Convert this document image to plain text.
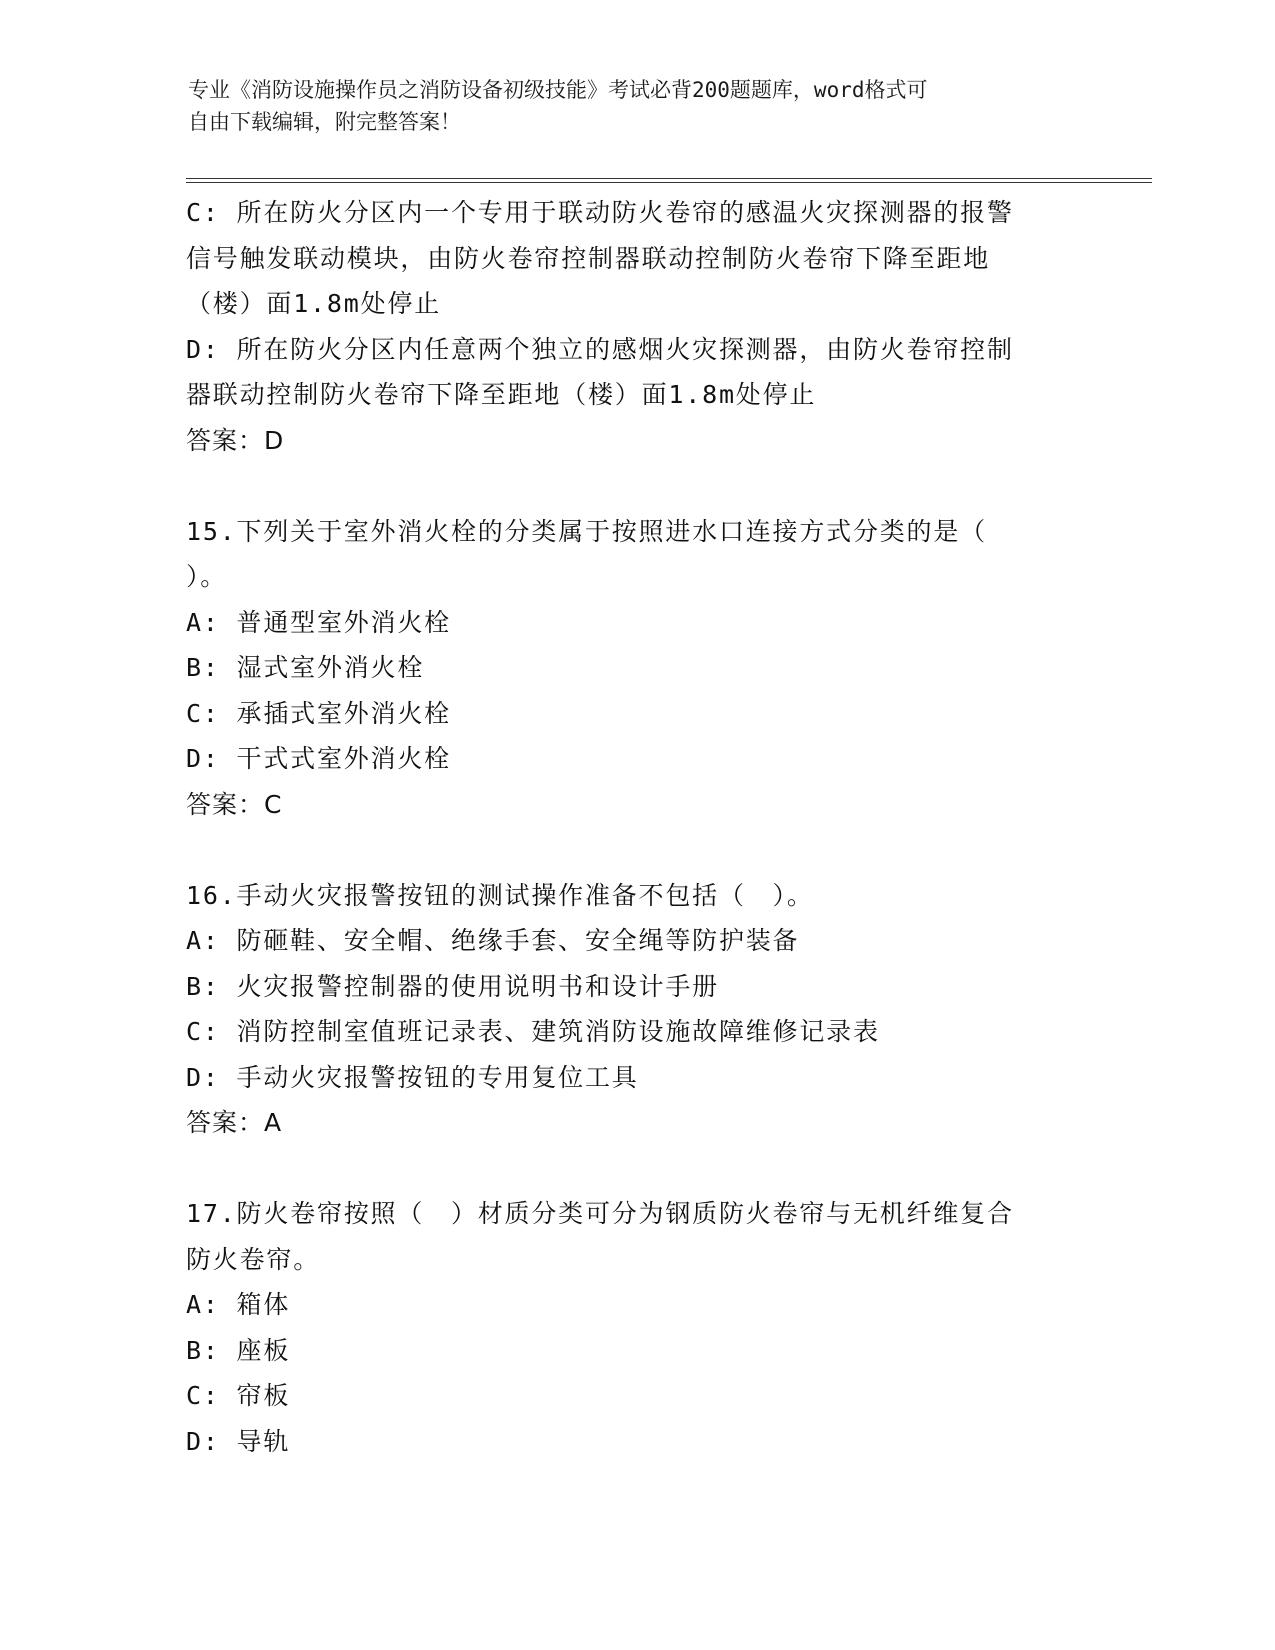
专业《消防设施操作员之消防设备初级技能》考试必背200题题库，word格式可
自由下载编辑，附完整答案！
C: 所在防火分区内一个专用于联动防火卷帘的感温火灾探测器的报警
信号触发联动模块，由防火卷帘控制器联动控制防火卷帘下降至距地
（楼）面1.8m处停止
D: 所在防火分区内任意两个独立的感烟火灾探测器，由防火卷帘控制
器联动控制防火卷帘下降至距地（楼）面1.8m处停止
答案：D
15.下列关于室外消火栓的分类属于按照进水口连接方式分类的是（
）。
A: 普通型室外消火栓
B: 湿式室外消火栓
C: 承插式室外消火栓
D: 干式式室外消火栓
答案：C
16.手动火灾报警按钮的测试操作准备不包括（　）。
A: 防砸鞋、安全帽、绝缘手套、安全绳等防护装备
B: 火灾报警控制器的使用说明书和设计手册
C: 消防控制室值班记录表、建筑消防设施故障维修记录表
D: 手动火灾报警按钮的专用复位工具
答案：A
17.防火卷帘按照（　）材质分类可分为钢质防火卷帘与无机纤维复合
防火卷帘。
A: 箱体
B: 座板
C: 帘板
D: 导轨
